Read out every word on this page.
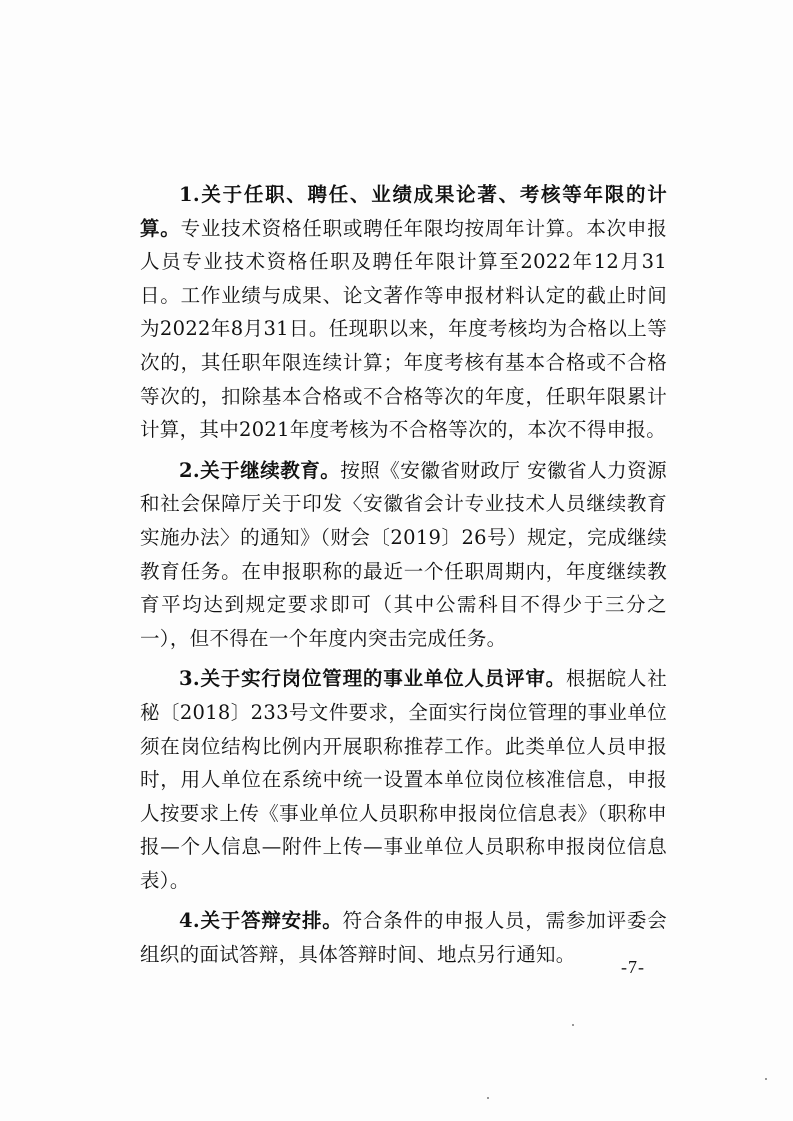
1.关于任职、聘任、业绩成果论著、考核等年限的计算。专业技术资格任职或聘任年限均按周年计算。本次申报人员专业技术资格任职及聘任年限计算至2022年12月31日。工作业绩与成果、论文著作等申报材料认定的截止时间为2022年8月31日。任现职以来，年度考核均为合格以上等次的，其任职年限连续计算；年度考核有基本合格或不合格等次的，扣除基本合格或不合格等次的年度，任职年限累计计算，其中2021年度考核为不合格等次的，本次不得申报。

2.关于继续教育。按照《安徽省财政厅 安徽省人力资源和社会保障厅关于印发〈安徽省会计专业技术人员继续教育实施办法〉的通知》（财会〔2019〕26号）规定，完成继续教育任务。在申报职称的最近一个任职周期内，年度继续教育平均达到规定要求即可（其中公需科目不得少于三分之一），但不得在一个年度内突击完成任务。

3.关于实行岗位管理的事业单位人员评审。根据皖人社秘〔2018〕233号文件要求，全面实行岗位管理的事业单位须在岗位结构比例内开展职称推荐工作。此类单位人员申报时，用人单位在系统中统一设置本单位岗位核准信息，申报人按要求上传《事业单位人员职称申报岗位信息表》（职称申报—个人信息—附件上传—事业单位人员职称申报岗位信息表）。

4.关于答辩安排。符合条件的申报人员，需参加评委会组织的面试答辩，具体答辩时间、地点另行通知。

-7-
